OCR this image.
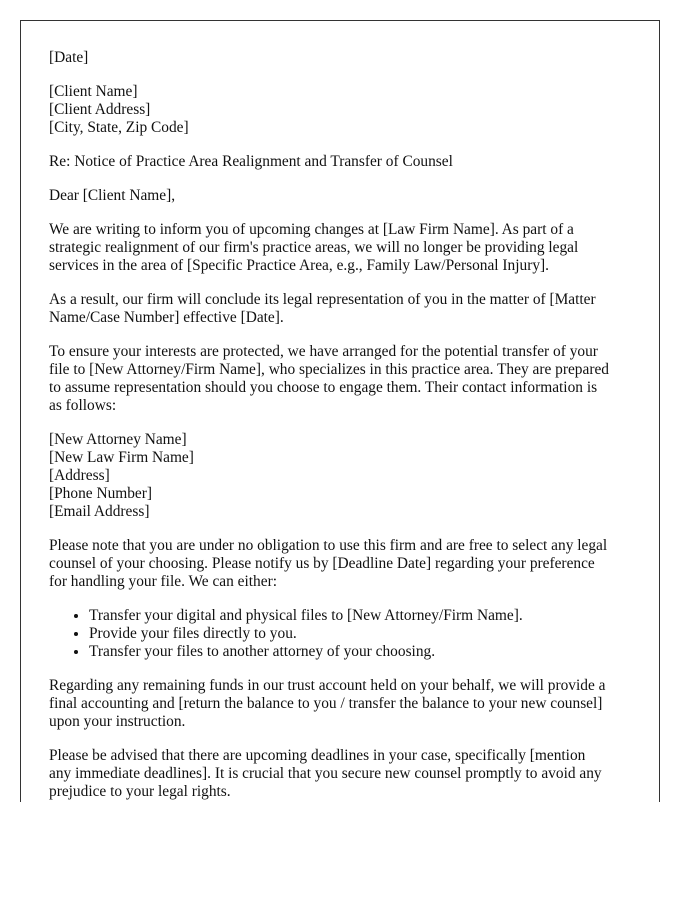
[Date]

[Client Name]
[Client Address]
[City, State, Zip Code]

Re: Notice of Practice Area Realignment and Transfer of Counsel

Dear [Client Name],

We are writing to inform you of upcoming changes at [Law Firm Name]. As part of a
strategic realignment of our firm's practice areas, we will no longer be providing legal
services in the area of [Specific Practice Area, e.g., Family Law/Personal Injury].

As a result, our firm will conclude its legal representation of you in the matter of [Matter
Name/Case Number] effective [Date].

To ensure your interests are protected, we have arranged for the potential transfer of your
file to [New Attorney/Firm Name], who specializes in this practice area. They are prepared
to assume representation should you choose to engage them. Their contact information is
as follows:

[New Attorney Name]
[New Law Firm Name]
[Address]
[Phone Number]
[Email Address]

Please note that you are under no obligation to use this firm and are free to select any legal
counsel of your choosing. Please notify us by [Deadline Date] regarding your preference
for handling your file. We can either:

• Transfer your digital and physical files to [New Attorney/Firm Name].
• Provide your files directly to you.
• Transfer your files to another attorney of your choosing.

Regarding any remaining funds in our trust account held on your behalf, we will provide a
final accounting and [return the balance to you / transfer the balance to your new counsel]
upon your instruction.

Please be advised that there are upcoming deadlines in your case, specifically [mention
any immediate deadlines]. It is crucial that you secure new counsel promptly to avoid any
prejudice to your legal rights.
